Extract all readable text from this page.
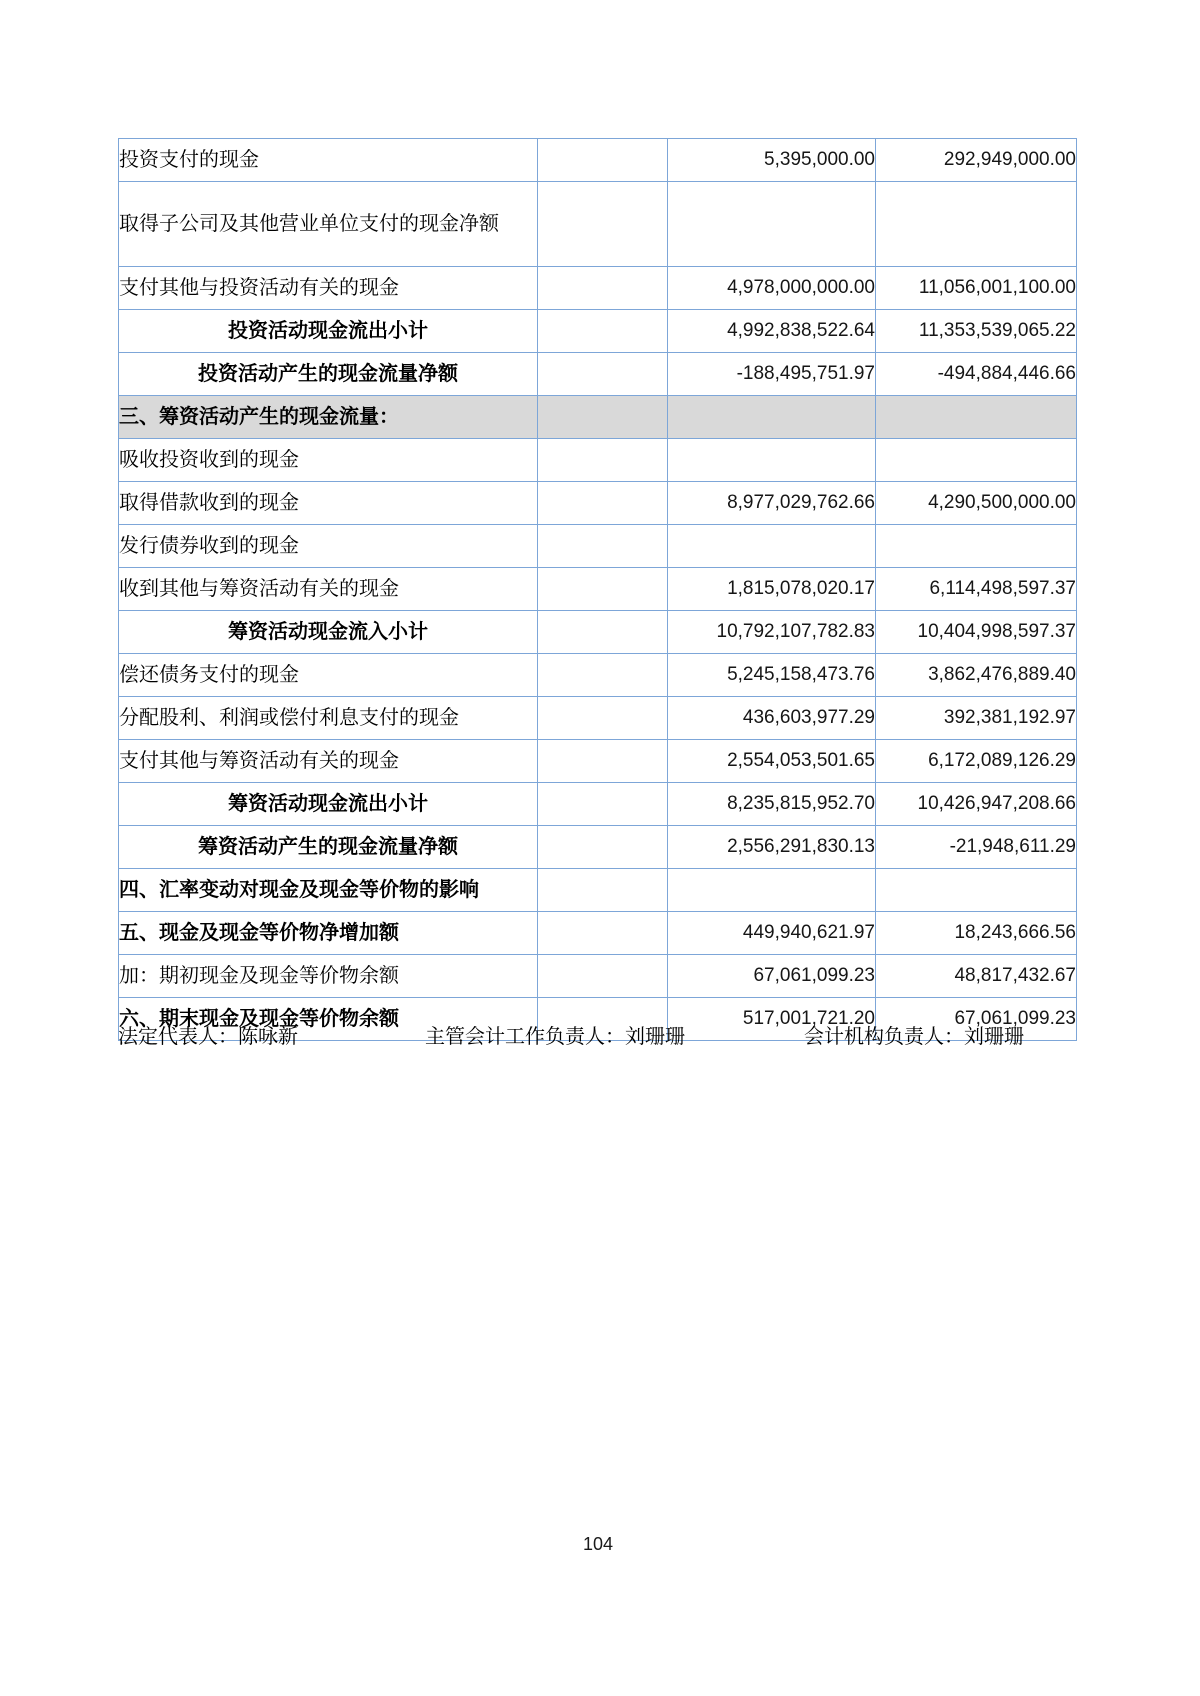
投资支付的现金		5,395,000.00	292,949,000.00
取得子公司及其他营业单位支付的现金净额			
支付其他与投资活动有关的现金		4,978,000,000.00	11,056,001,100.00
投资活动现金流出小计		4,992,838,522.64	11,353,539,065.22
投资活动产生的现金流量净额		-188,495,751.97	-494,884,446.66
三、筹资活动产生的现金流量：			
吸收投资收到的现金			
取得借款收到的现金		8,977,029,762.66	4,290,500,000.00
发行债券收到的现金			
收到其他与筹资活动有关的现金		1,815,078,020.17	6,114,498,597.37
筹资活动现金流入小计		10,792,107,782.83	10,404,998,597.37
偿还债务支付的现金		5,245,158,473.76	3,862,476,889.40
分配股利、利润或偿付利息支付的现金		436,603,977.29	392,381,192.97
支付其他与筹资活动有关的现金		2,554,053,501.65	6,172,089,126.29
筹资活动现金流出小计		8,235,815,952.70	10,426,947,208.66
筹资活动产生的现金流量净额		2,556,291,830.13	-21,948,611.29
四、汇率变动对现金及现金等价物的影响			
五、现金及现金等价物净增加额		449,940,621.97	18,243,666.56
加：期初现金及现金等价物余额		67,061,099.23	48,817,432.67
六、期末现金及现金等价物余额		517,001,721.20	67,061,099.23
法定代表人：陈咏新	主管会计工作负责人：刘珊珊	会计机构负责人：刘珊珊
104
